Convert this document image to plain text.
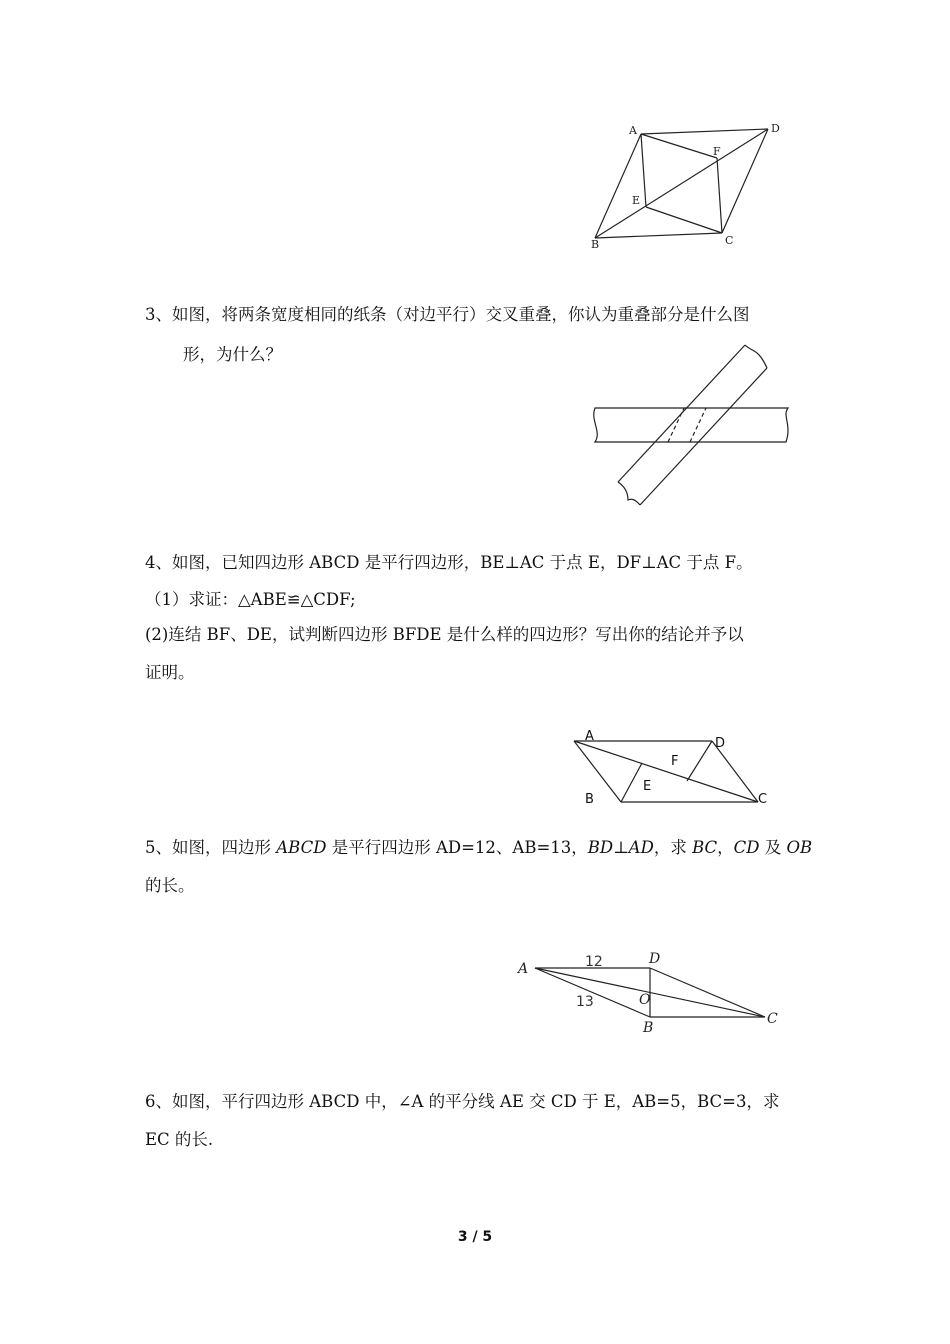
A	D
F
E
B	C
3、如图，将两条宽度相同的纸条（对边平行）交叉重叠，你认为重叠部分是什么图
形，为什么？
4、如图，已知四边形 ABCD 是平行四边形，BE⊥AC 于点 E，DF⊥AC 于点 F。
（1）求证：△ABE≌△CDF;
(2)连结 BF、DE，试判断四边形 BFDE 是什么样的四边形？写出你的结论并予以
证明。
A	D
F
E
B	C
5、如图，四边形 ABCD 是平行四边形 AD=12、AB=13，BD⊥AD，求 BC，CD 及 OB
的长。
A
D
O
B
C
12
13
6、如图，平行四边形 ABCD 中，∠A 的平分线 AE 交 CD 于 E，AB=5，BC=3，求
EC 的长.
3 / 5
